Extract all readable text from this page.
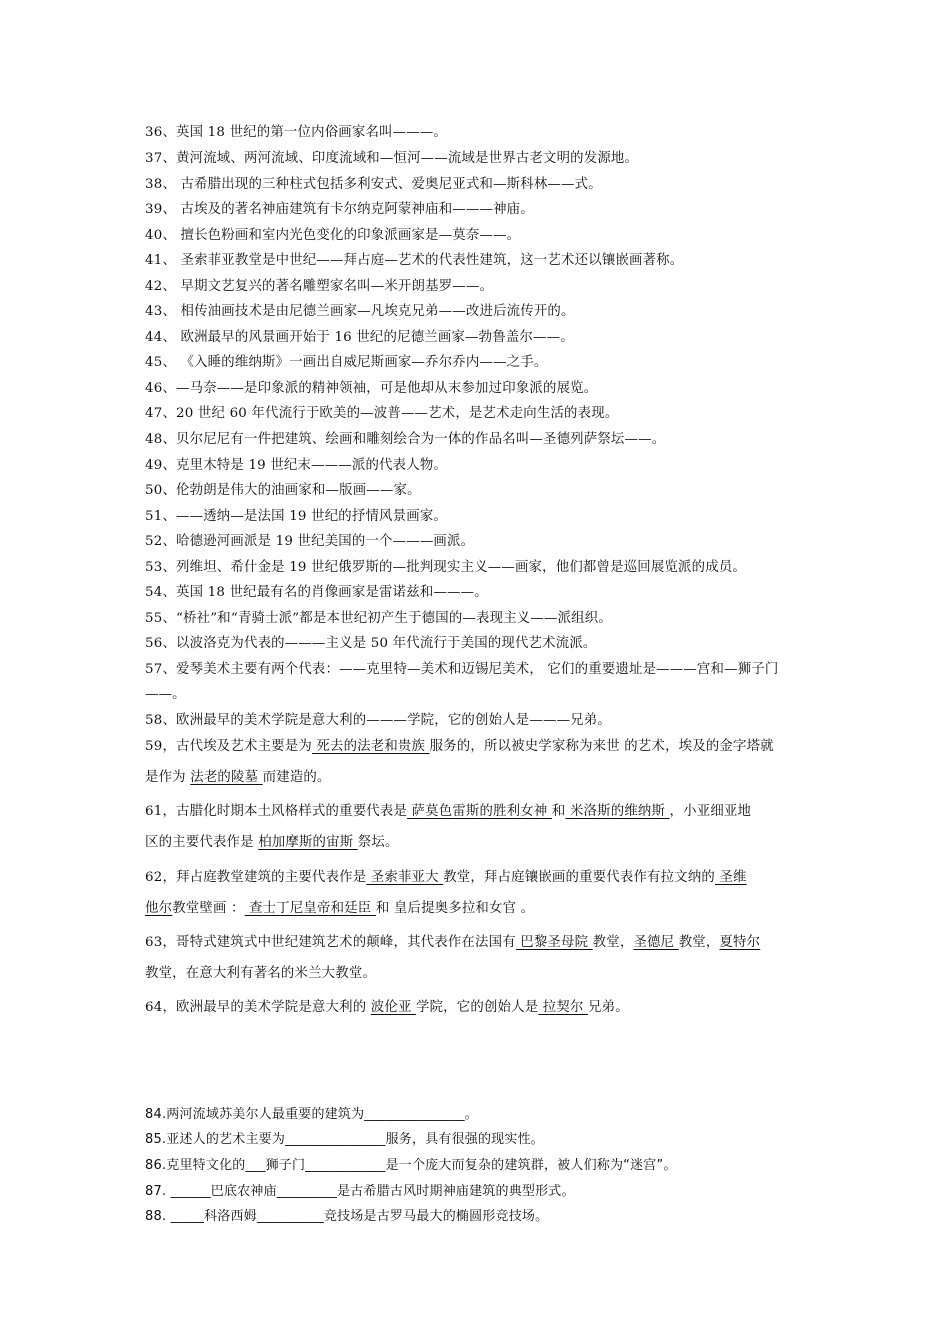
36、英国 18 世纪的第一位内俗画家名叫———。
37、黄河流域、两河流域、印度流域和—恒河——流域是世界古老文明的发源地。
38、 古希腊出现的三种柱式包括多利安式、爱奥尼亚式和—斯科林——式。
39、 古埃及的著名神庙建筑有卡尔纳克阿蒙神庙和———神庙。
40、 擅长色粉画和室内光色变化的印象派画家是—莫奈——。
41、 圣索菲亚教堂是中世纪——拜占庭—艺术的代表性建筑，这一艺术还以镶嵌画著称。
42、 早期文艺复兴的著名雕塑家名叫—米开朗基罗——。
43、 相传油画技术是由尼德兰画家—凡埃克兄弟——改进后流传开的。
44、 欧洲最早的风景画开始于 16 世纪的尼德兰画家—勃鲁盖尔——。
45、 《入睡的维纳斯》一画出自威尼斯画家—乔尔乔内——之手。
46、—马奈——是印象派的精神领袖，可是他却从末参加过印象派的展览。
47、20 世纪 60 年代流行于欧美的—波普——艺术，是艺术走向生活的表现。
48、贝尔尼尼有一件把建筑、绘画和雕刻绘合为一体的作品名叫—圣德列萨祭坛——。
49、克里木特是 19 世纪末———派的代表人物。
50、伦勃朗是伟大的油画家和—版画——家。
51、——透纳—是法国 19 世纪的抒情风景画家。
52、哈德逊河画派是 19 世纪美国的一个———画派。
53、列维坦、希什金是 19 世纪俄罗斯的—批判现实主义——画家，他们都曾是巡回展览派的成员。
54、英国 18 世纪最有名的肖像画家是雷诺兹和———。
55、“桥社”和“青骑士派”都是本世纪初产生于德国的—表现主义——派组织。
56、以波洛克为代表的———主义是 50 年代流行于美国的现代艺术流派。
57、爱琴美术主要有两个代表：——克里特—美术和迈锡尼美术， 它们的重要遗址是———宫和—狮子门
——。
58、欧洲最早的美术学院是意大利的———学院，它的创始人是———兄弟。
59，古代埃及艺术主要是为 死去的法老和贵族 服务的，所以被史学家称为来世 的艺术，埃及的金字塔就
是作为 法老的陵墓 而建造的。
61，古腊化时期本土风格样式的重要代表是 萨莫色雷斯的胜利女神 和 米洛斯的维纳斯 ，小亚细亚地
区的主要代表作是 柏加摩斯的宙斯 祭坛。
62，拜占庭教堂建筑的主要代表作是 圣索菲亚大 教堂，拜占庭镶嵌画的重要代表作有拉文纳的 圣维
他尔教堂壁画 ： 查士丁尼皇帝和廷臣 和 皇后提奥多拉和女官 。
63，哥特式建筑式中世纪建筑艺术的颠峰，其代表作在法国有 巴黎圣母院 教堂，圣德尼 教堂，夏特尔
教堂，在意大利有著名的米兰大教堂。
64，欧洲最早的美术学院是意大利的 波伦亚 学院，它的创始人是 拉契尔 兄弟。
84.两河流域苏美尔人最重要的建筑为_______________。
85.亚述人的艺术主要为_______________服务，具有很强的现实性。
86.克里特文化的___狮子门____________是一个庞大而复杂的建筑群，被人们称为“迷宫”。
87. ______巴底农神庙_________是古希腊古风时期神庙建筑的典型形式。
88. _____科洛西姆__________竞技场是古罗马最大的椭圆形竞技场。
